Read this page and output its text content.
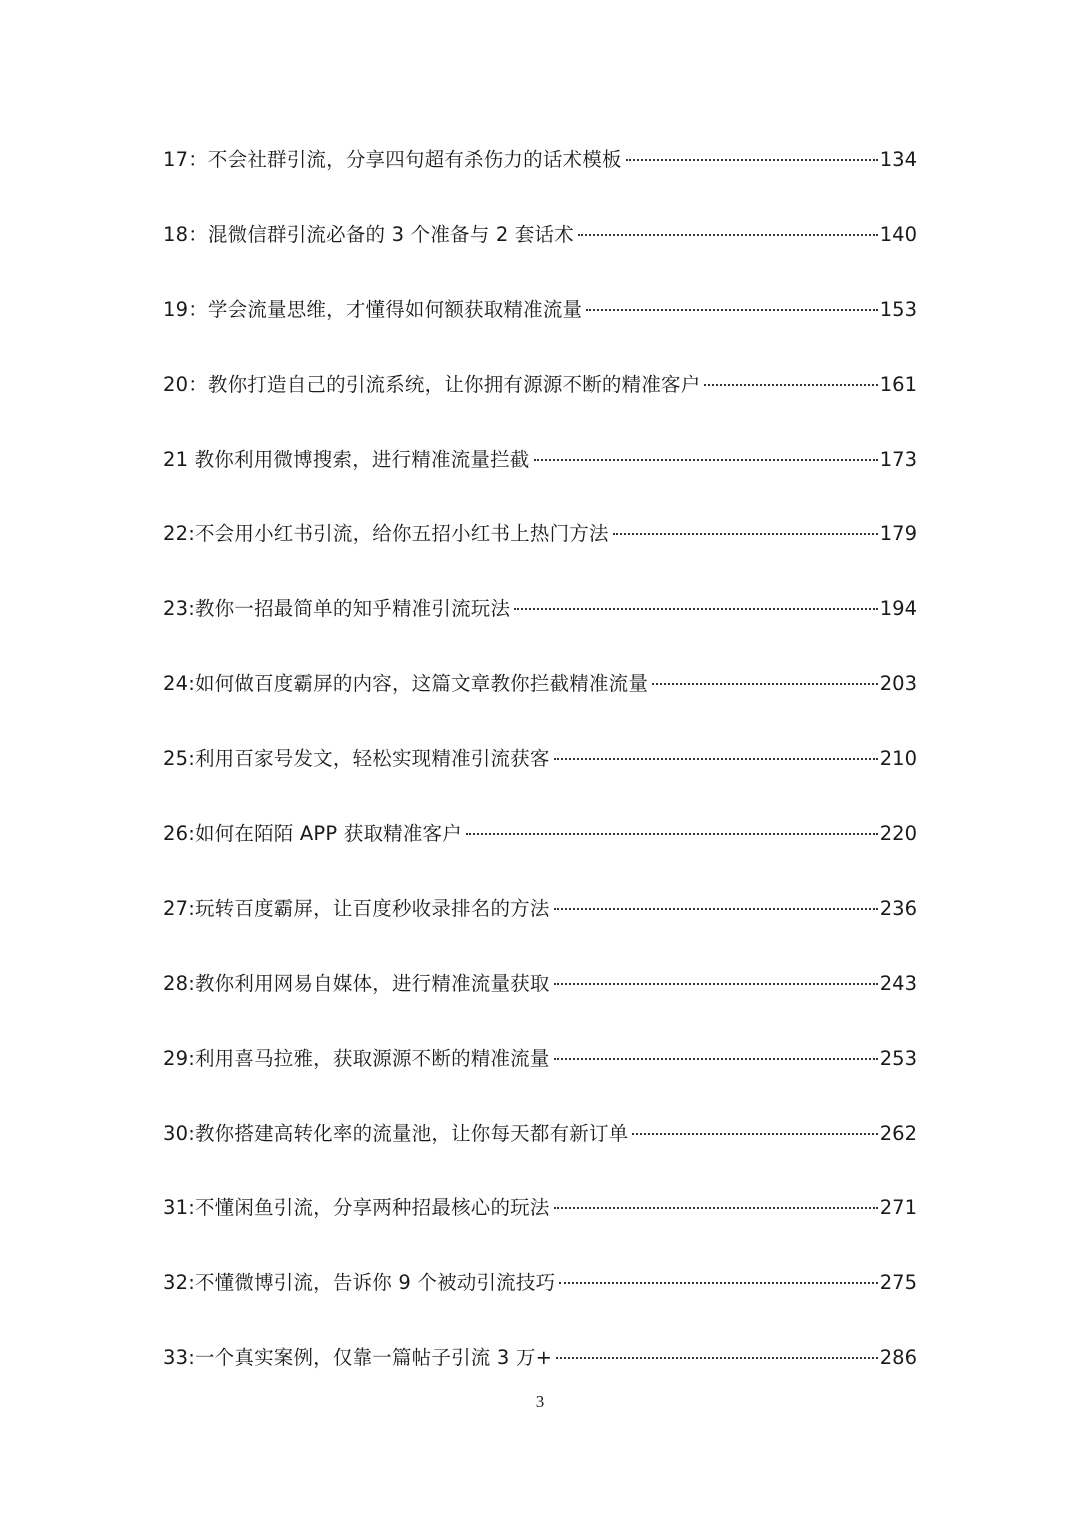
17：不会社群引流，分享四句超有杀伤力的话术模板	134
18：混微信群引流必备的 3 个准备与 2 套话术	140
19：学会流量思维，才懂得如何额获取精准流量	153
20：教你打造自己的引流系统，让你拥有源源不断的精准客户	161
21 教你利用微博搜索，进行精准流量拦截	173
22:不会用小红书引流，给你五招小红书上热门方法	179
23:教你一招最简单的知乎精准引流玩法	194
24:如何做百度霸屏的内容，这篇文章教你拦截精准流量	203
25:利用百家号发文，轻松实现精准引流获客	210
26:如何在陌陌 APP 获取精准客户	220
27:玩转百度霸屏，让百度秒收录排名的方法	236
28:教你利用网易自媒体，进行精准流量获取	243
29:利用喜马拉雅，获取源源不断的精准流量	253
30:教你搭建高转化率的流量池，让你每天都有新订单	262
31:不懂闲鱼引流，分享两种招最核心的玩法	271
32:不懂微博引流，告诉你 9 个被动引流技巧	275
33:一个真实案例，仅靠一篇帖子引流 3 万+	286
3
